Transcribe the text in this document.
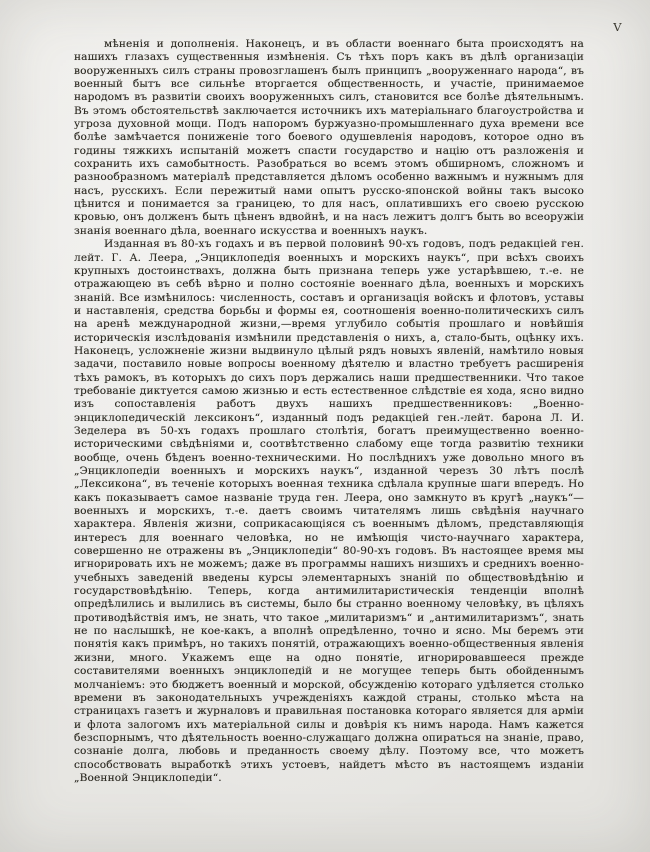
V

мѣненія и дополненія. Наконецъ, и въ области военнаго быта происходятъ на нашихъ глазахъ существенныя измѣненія. Съ тѣхъ поръ какъ въ дѣлѣ организаціи вооруженныхъ силъ страны провозглашенъ былъ принципъ „вооруженнаго народа“, въ военный бытъ все сильнѣе вторгается общественность, и участіе, принимаемое народомъ въ развитіи своихъ вооруженныхъ силъ, становится все болѣе дѣятельнымъ. Въ этомъ обстоятельствѣ заключается источникъ ихъ матеріальнаго благоустройства и угроза духовной мощи. Подъ напоромъ буржуазно-промышленнаго духа времени все болѣе замѣчается пониженіе того боевого одушевленія народовъ, которое одно въ годины тяжкихъ испытаній можетъ спасти государство и націю отъ разложенія и сохранить ихъ самобытность. Разобраться во всемъ этомъ обширномъ, сложномъ и разнообразномъ матеріалѣ представляется дѣломъ особенно важнымъ и нужнымъ для насъ, русскихъ. Если пережитый нами опытъ русско-японской войны такъ высоко цѣнится и понимается за границею, то для насъ, оплатившихъ его своею русскою кровью, онъ долженъ быть цѣненъ вдвойнѣ, и на насъ лежитъ долгъ быть во всеоружіи знанія военнаго дѣла, военнаго искусства и военныхъ наукъ.

Изданная въ 80-хъ годахъ и въ первой половинѣ 90-хъ годовъ, подъ редакціей ген. лейт. Г. А. Леера, „Энциклопедія военныхъ и морскихъ наукъ“, при всѣхъ своихъ крупныхъ достоинствахъ, должна быть признана теперь уже устарѣвшею, т.-е. не отражающею въ себѣ вѣрно и полно состояніе военнаго дѣла, военныхъ и морскихъ знаній. Все измѣнилось: численность, составъ и организація войскъ и флотовъ, уставы и наставленія, средства борьбы и формы ея, соотношенія военно-политическихъ силъ на аренѣ международной жизни,—время углубило событія прошлаго и новѣйшія историческія изслѣдованія измѣнили представленія о нихъ, а, стало-быть, оцѣнку ихъ. Наконецъ, усложненіе жизни выдвинуло цѣлый рядъ новыхъ явленій, намѣтило новыя задачи, поставило новые вопросы военному дѣятелю и властно требуетъ расширенія тѣхъ рамокъ, въ которыхъ до сихъ поръ держались наши предшественники. Что такое требованіе диктуется самою жизнью и есть естественное слѣдствіе ея хода, ясно видно изъ сопоставленія работъ двухъ нашихъ предшественниковъ: „Военно-энциклопедическій лексиконъ“, изданный подъ редакціей ген.-лейт. барона Л. И. Зеделера въ 50-хъ годахъ прошлаго столѣтія, богатъ преимущественно военно-историческими свѣдѣніями и, соотвѣтственно слабому еще тогда развитію техники вообще, очень бѣденъ военно-техническими. Но послѣднихъ уже довольно много въ „Энциклопедіи военныхъ и морскихъ наукъ“, изданной черезъ 30 лѣтъ послѣ „Лексикона“, въ теченіе которыхъ военная техника сдѣлала крупные шаги впередъ. Но какъ показываетъ самое названіе труда ген. Леера, оно замкнуто въ кругѣ „наукъ“—военныхъ и морскихъ, т.-е. даетъ своимъ читателямъ лишь свѣдѣнія научнаго характера. Явленія жизни, соприкасающіяся съ военнымъ дѣломъ, представляющія интересъ для военнаго человѣка, но не имѣющія чисто-научнаго характера, совершенно не отражены въ „Энциклопедіи“ 80-90-хъ годовъ. Въ настоящее время мы игнорировать ихъ не можемъ; даже въ программы нашихъ низшихъ и среднихъ военно-учебныхъ заведеній введены курсы элементарныхъ знаній по обществовѣдѣнію и государствовѣдѣнію. Теперь, когда антимилитаристическія тенденціи вполнѣ опредѣлились и вылились въ системы, было бы странно военному человѣку, въ цѣляхъ противодѣйствія имъ, не знать, что такое „милитаризмъ“ и „антимилитаризмъ“, знать не по наслышкѣ, не кое-какъ, а вполнѣ опредѣленно, точно и ясно. Мы беремъ эти понятія какъ примѣръ, но такихъ понятій, отражающихъ военно-общественныя явленія жизни, много. Укажемъ еще на одно понятіе, игнорировавшееся прежде составителями военныхъ энциклопедій и не могущее теперь быть обойденнымъ молчаніемъ: это бюджетъ военный и морской, обсужденію котораго удѣляется столько времени въ законодательныхъ учрежденіяхъ каждой страны, столько мѣста на страницахъ газетъ и журналовъ и правильная постановка котораго является для арміи и флота залогомъ ихъ матеріальной силы и довѣрія къ нимъ народа. Намъ кажется безспорнымъ, что дѣятельность военно-служащаго должна опираться на знаніе, право, сознаніе долга, любовь и преданность своему дѣлу. Поэтому все, что можетъ способствовать выработкѣ этихъ устоевъ, найдетъ мѣсто въ настоящемъ изданіи „Военной Энциклопедіи“.
